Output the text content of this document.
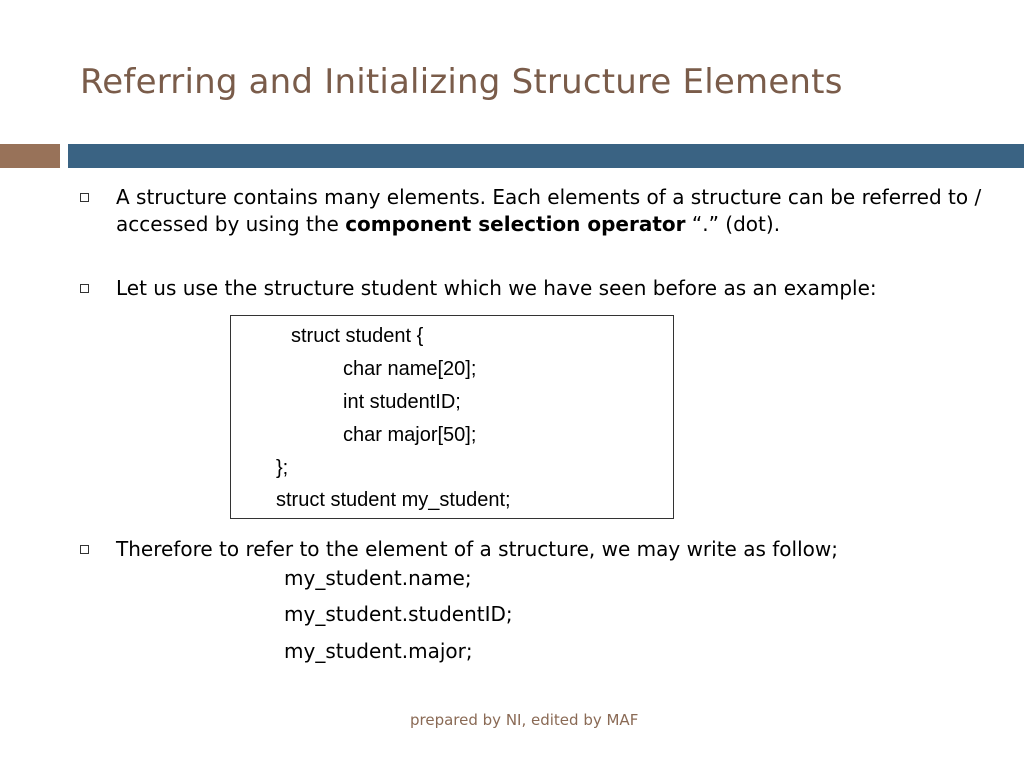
Referring and Initializing Structure Elements
A structure contains many elements. Each elements of a structure can be referred to / accessed by using the component selection operator “.” (dot).
Let us use the structure student which we have seen before as an example:
struct student {
char name[20];
int studentID;
char major[50];
};
struct student my_student;
Therefore to refer to the element of a structure, we may write as follow;
my_student.name;
my_student.studentID;
my_student.major;
prepared by NI, edited by MAF
